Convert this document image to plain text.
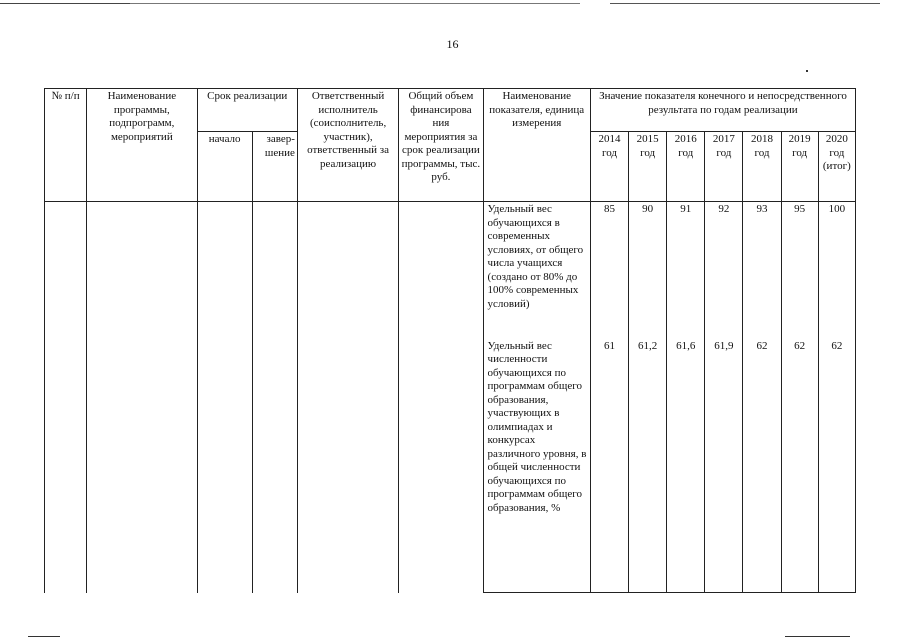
16
№ п/п	Наименование программы, подпрограмм, мероприятий	Срок реализации		Ответственный исполнитель (соисполнитель, участник), ответственный за реализацию	Общий объем финансирова ния мероприятия за срок реализации программы, тыс. руб.	Наименование показателя, единица измерения	Значение показателя конечного и непосредственного результата по годам реализации						
		начало	завер-шение				2014 год	2015 год	2016 год	2017 год	2018 год	2019 год	2020 год (итог)
						Удельный вес обучающихся в современных условиях, от общего числа учащихся (создано от 80% до 100% современных условий)	85	90	91	92	93	95	100
						Удельный вес численности обучающихся по программам общего образования, участвующих в олимпиадах и конкурсах различного уровня, в общей численности обучающихся по программам общего образования, %	61	61,2	61,6	61,9	62	62	62
